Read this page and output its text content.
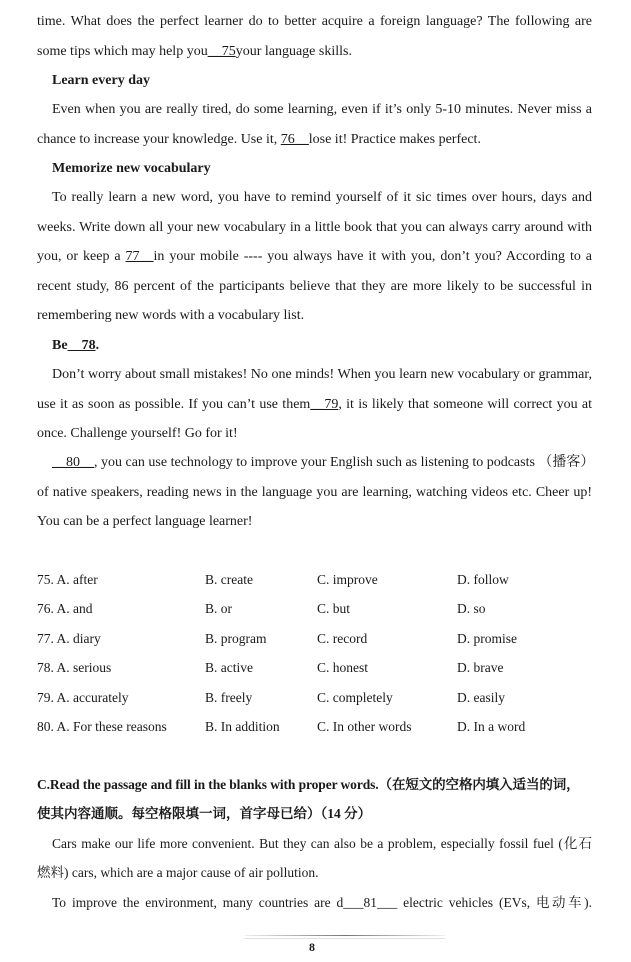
time. What does the perfect learner do to better acquire a foreign language? The following are
some tips which may help you__75your language skills.
Learn every day
Even when you are really tired, do some learning, even if it’s only 5-10 minutes. Never miss a
chance to increase your knowledge. Use it, 76__lose it! Practice makes perfect.
Memorize new vocabulary
To really learn a new word, you have to remind yourself of it sic times over hours, days and
weeks. Write down all your new vocabulary in a little book that you can always carry around with
you, or keep a 77__in your mobile ---- you always have it with you, don’t you? According to a
recent study, 86 percent of the participants believe that they are more likely to be successful in
remembering new words with a vocabulary list.
Be__78.
Don’t worry about small mistakes! No one minds! When you learn new vocabulary or grammar,
use it as soon as possible. If you can’t use them__79, it is likely that someone will correct you at
once. Challenge yourself! Go for it!
__80__, you can use technology to improve your English such as listening to podcasts （播客）
of native speakers, reading news in the language you are learning, watching videos etc. Cheer up!
You can be a perfect language learner!
75. A. after	B. create	C. improve	D. follow
76. A. and	B. or	C. but	D. so
77. A. diary	B. program	C. record	D. promise
78. A. serious	B. active	C. honest	D. brave
79. A. accurately	B. freely	C. completely	D. easily
80. A. For these reasons	B. In addition	C. In other words	D. In a word
C.Read the passage and fill in the blanks with proper words.（在短文的空格内填入适当的词，
使其内容通顺。每空格限填一词，首字母已给）（14 分）
Cars make our life more convenient. But they can also be a problem, especially fossil fuel (化石
燃料) cars, which are a major cause of air pollution.
To improve the environment, many countries are d___81___ electric vehicles (EVs, 电动车).
8
